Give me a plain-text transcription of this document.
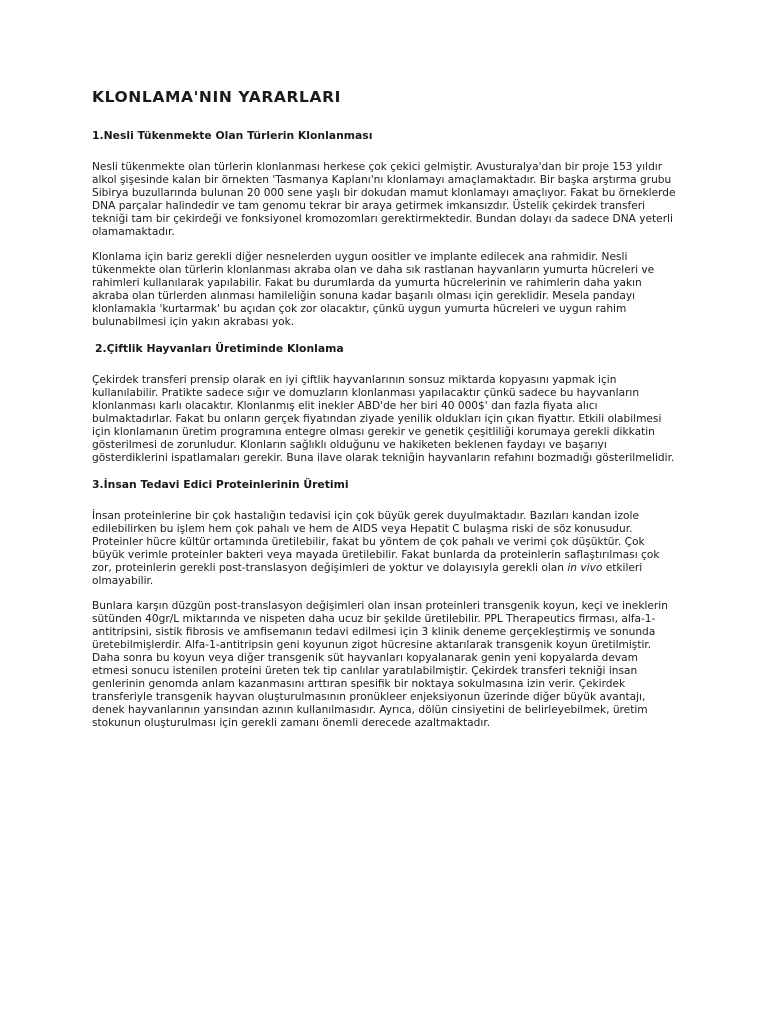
KLONLAMA'NIN YARARLARI
1.Nesli Tükenmekte Olan Türlerin Klonlanması

Nesli tükenmekte olan türlerin klonlanması herkese çok çekici gelmiştir. Avusturalya'dan bir proje 153 yıldır alkol şişesinde kalan bir örnekten 'Tasmanya Kaplanı'nı klonlamayı amaçlamaktadır. Bir başka arştırma grubu Sibirya buzullarında bulunan 20 000 sene yaşlı bir dokudan mamut klonlamayı amaçlıyor. Fakat bu örneklerde DNA parçalar halindedir ve tam genomu tekrar bir araya getirmek imkansızdır. Üstelik çekirdek transferi tekniği tam bir çekirdeği ve fonksiyonel kromozomları gerektirmektedir. Bundan dolayı da sadece DNA yeterli olamamaktadır.

Klonlama için bariz gerekli diğer nesnelerden uygun oositler ve implante edilecek ana rahmidir. Nesli tükenmekte olan türlerin klonlanması akraba olan ve daha sık rastlanan hayvanların yumurta hücreleri ve rahimleri kullanılarak yapılabilir. Fakat bu durumlarda da yumurta hücrelerinin ve rahimlerin daha yakın akraba olan türlerden alınması hamileliğin sonuna kadar başarılı olması için gereklidir. Mesela pandayı klonlamakla 'kurtarmak' bu açıdan çok zor olacaktır, çünkü uygun yumurta hücreleri ve uygun rahim bulunabilmesi için yakın akrabası yok.

2.Çiftlik Hayvanları Üretiminde Klonlama

Çekirdek transferi prensip olarak en iyi çiftlik hayvanlarının sonsuz miktarda kopyasını yapmak için kullanılabilir. Pratikte sadece sığır ve domuzların klonlanması yapılacaktır çünkü sadece bu hayvanların klonlanması karlı olacaktır. Klonlanmış elit inekler ABD'de her biri 40 000$' dan fazla fiyata alıcı bulmaktadırlar. Fakat bu onların gerçek fiyatından ziyade yenilik oldukları için çıkan fiyattır. Etkili olabilmesi için klonlamanın üretim programına entegre olması gerekir ve genetik çeşitliliği korumaya gerekli dikkatin gösterilmesi de zorunludur. Klonların sağlıklı olduğunu ve hakiketen beklenen faydayı ve başarıyı gösterdiklerini ispatlamaları gerekir. Buna ilave olarak tekniğin hayvanların refahını bozmadığı gösterilmelidir.

3.İnsan Tedavi Edici Proteinlerinin Üretimi

İnsan proteinlerine bir çok hastalığın tedavisi için çok büyük gerek duyulmaktadır. Bazıları kandan izole edilebilirken bu işlem hem çok pahalı ve hem de AIDS veya Hepatit C bulaşma riski de söz konusudur. Proteinler hücre kültür ortamında üretilebilir, fakat bu yöntem de çok pahalı ve verimi çok düşüktür. Çok büyük verimle proteinler bakteri veya mayada üretilebilir. Fakat bunlarda da proteinlerin saflaştırılması çok zor, proteinlerin gerekli post-translasyon değişimleri de yoktur ve dolayısıyla gerekli olan in vivo etkileri olmayabilir.

Bunlara karşın düzgün post-translasyon değişimleri olan insan proteinleri transgenik koyun, keçi ve ineklerin sütünden 40gr/L miktarında ve nispeten daha ucuz bir şekilde üretilebilir. PPL Therapeutics firması, alfa-1-antitripsini, sistik fibrosis ve amfisemanın tedavi edilmesi için 3 klinik deneme gerçekleştirmiş ve sonunda üretebilmişlerdir. Alfa-1-antitripsin geni koyunun zigot hücresine aktarılarak transgenik koyun üretilmiştir. Daha sonra bu koyun veya diğer transgenik süt hayvanları kopyalanarak genin yeni kopyalarda devam etmesi sonucu istenilen proteini üreten tek tip canlılar yaratılabilmiştir. Çekirdek transferi tekniği insan genlerinin genomda anlam kazanmasını arttıran spesifik bir noktaya sokulmasına izin verir. Çekirdek transferiyle transgenik hayvan oluşturulmasının pronükleer enjeksiyonun üzerinde diğer büyük avantajı, denek hayvanlarının yarısından azının kullanılmasıdır. Ayrıca, dölün cinsiyetini de belirleyebilmek, üretim stokunun oluşturulması için gerekli zamanı önemli derecede azaltmaktadır.
